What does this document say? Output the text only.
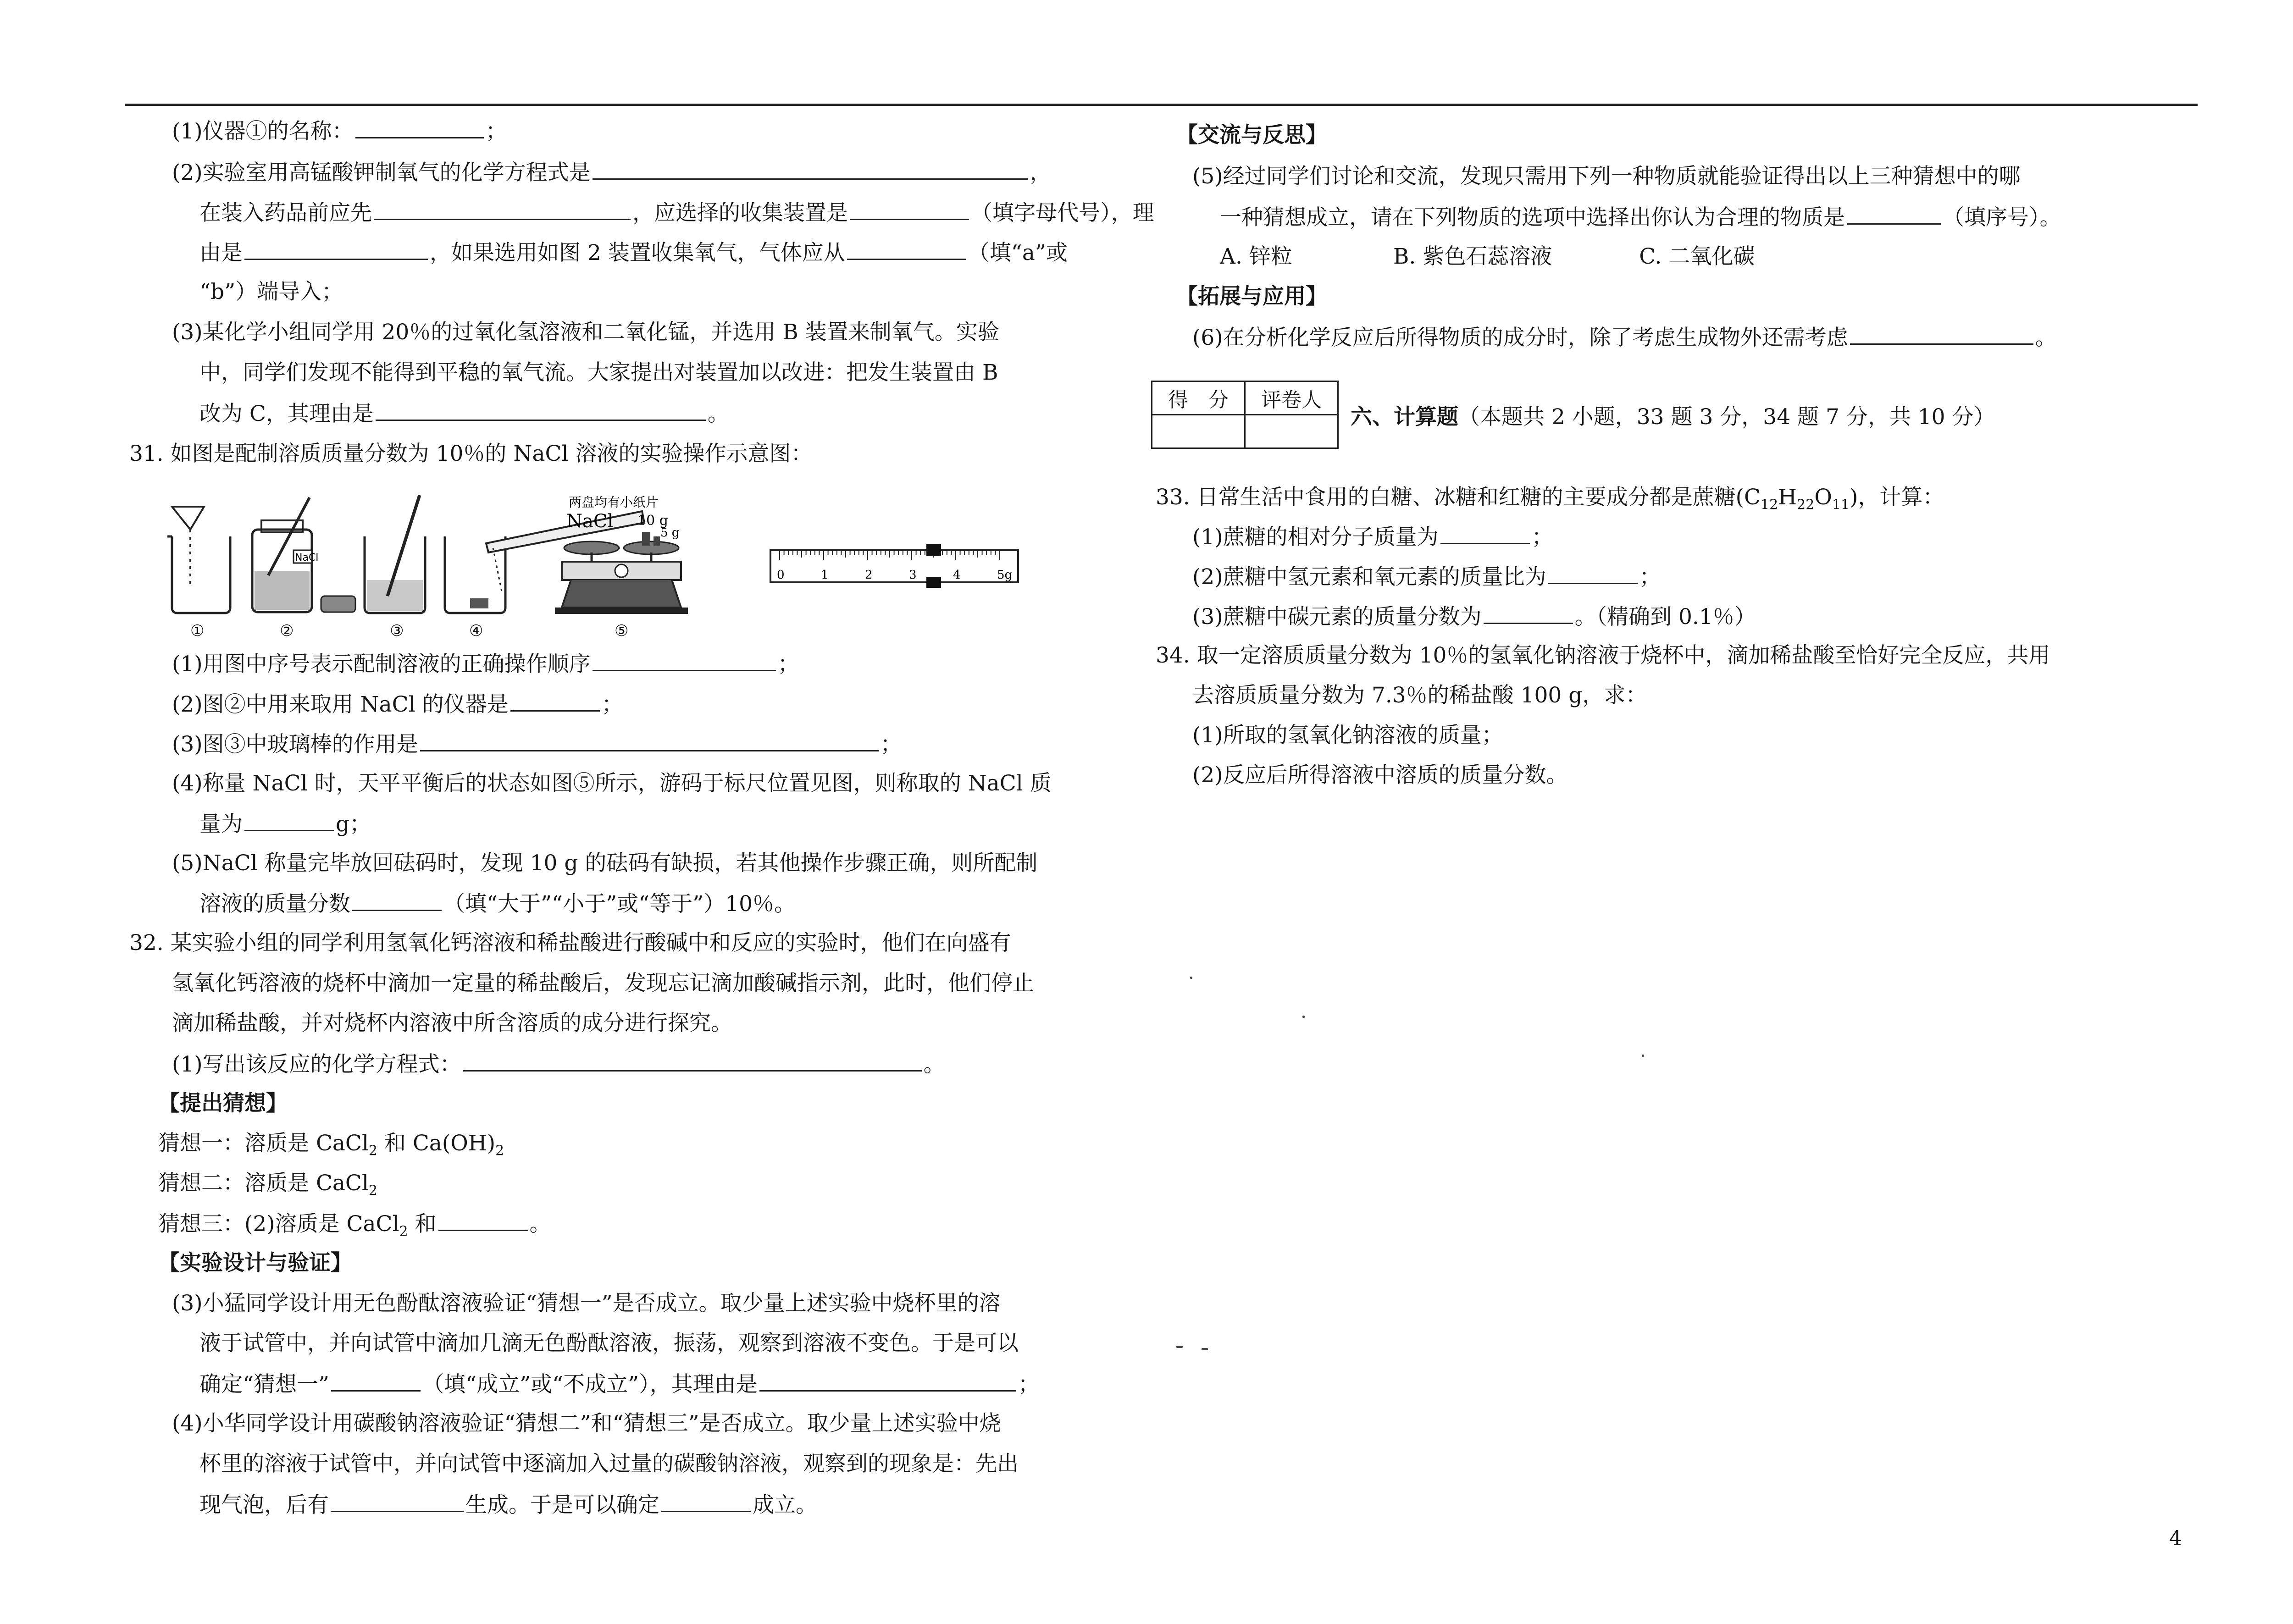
(1)仪器①的名称：	；
(2)实验室用高锰酸钾制氧气的化学方程式是	，
在装入药品前应先	，应选择的收集装置是	（填字母代号），理
由是	，如果选用如图 2 装置收集氧气，气体应从	（填“a”或
“b”）端导入；
(3)某化学小组同学用 20％的过氧化氢溶液和二氧化锰，并选用 B 装置来制氧气。实验
中，同学们发现不能得到平稳的氧气流。大家提出对装置加以改进：把发生装置由 B
改为 C，其理由是	。
31. 如图是配制溶质质量分数为 10％的 NaCl 溶液的实验操作示意图：
NaCl
两盘均有小纸片
NaCl 10 g
5 g
0	1	2	3	4	5g
①	②	③	④	⑤
(1)用图中序号表示配制溶液的正确操作顺序	；
(2)图②中用来取用 NaCl 的仪器是	；
(3)图③中玻璃棒的作用是	；
(4)称量 NaCl 时，天平平衡后的状态如图⑤所示，游码于标尺位置见图，则称取的 NaCl 质
量为	g；
(5)NaCl 称量完毕放回砝码时，发现 10 g 的砝码有缺损，若其他操作步骤正确，则所配制
溶液的质量分数	（填“大于”“小于”或“等于”）10％。
32. 某实验小组的同学利用氢氧化钙溶液和稀盐酸进行酸碱中和反应的实验时，他们在向盛有
氢氧化钙溶液的烧杯中滴加一定量的稀盐酸后，发现忘记滴加酸碱指示剂，此时，他们停止
滴加稀盐酸，并对烧杯内溶液中所含溶质的成分进行探究。
(1)写出该反应的化学方程式：	。
【提出猜想】
猜想一：溶质是 CaCl$_2$ 和 $Ca(OH)_2$
猜想二：溶质是 CaCl$_2$
猜想三：(2)溶质是 CaCl$_2$ 和	。
【实验设计与验证】
(3)小猛同学设计用无色酚酞溶液验证“猜想一”是否成立。取少量上述实验中烧杯里的溶
液于试管中，并向试管中滴加几滴无色酚酞溶液，振荡，观察到溶液不变色。于是可以
确定“猜想一”	（填“成立”或“不成立”），其理由是	；
(4)小华同学设计用碳酸钠溶液验证“猜想二”和“猜想三”是否成立。取少量上述实验中烧
杯里的溶液于试管中，并向试管中逐滴加入过量的碳酸钠溶液，观察到的现象是：先出
现气泡，后有	生成。于是可以确定	成立。
【交流与反思】
(5)经过同学们讨论和交流，发现只需用下列一种物质就能验证得出以上三种猜想中的哪
一种猜想成立，请在下列物质的选项中选择出你认为合理的物质是	（填序号）。
A. 锌粒	B. 紫色石蕊溶液	C. 二氧化碳
【拓展与应用】
(6)在分析化学反应后所得物质的成分时，除了考虑生成物外还需考虑	。
得　分	评卷人

六、计算题（本题共 2 小题，33 题 3 分，34 题 7 分，共 10 分）
33. 日常生活中食用的白糖、冰糖和红糖的主要成分都是蔗糖$(C_{12}H_{22}O_{11})$，计算：
(1)蔗糖的相对分子质量为	；
(2)蔗糖中氢元素和氧元素的质量比为	；
(3)蔗糖中碳元素的质量分数为	。（精确到 0.1％）
34. 取一定溶质质量分数为 10％的氢氧化钠溶液于烧杯中，滴加稀盐酸至恰好完全反应，共用
去溶质质量分数为 7.3％的稀盐酸 100 g，求：
(1)所取的氢氧化钠溶液的质量；
(2)反应后所得溶液中溶质的质量分数。
4
